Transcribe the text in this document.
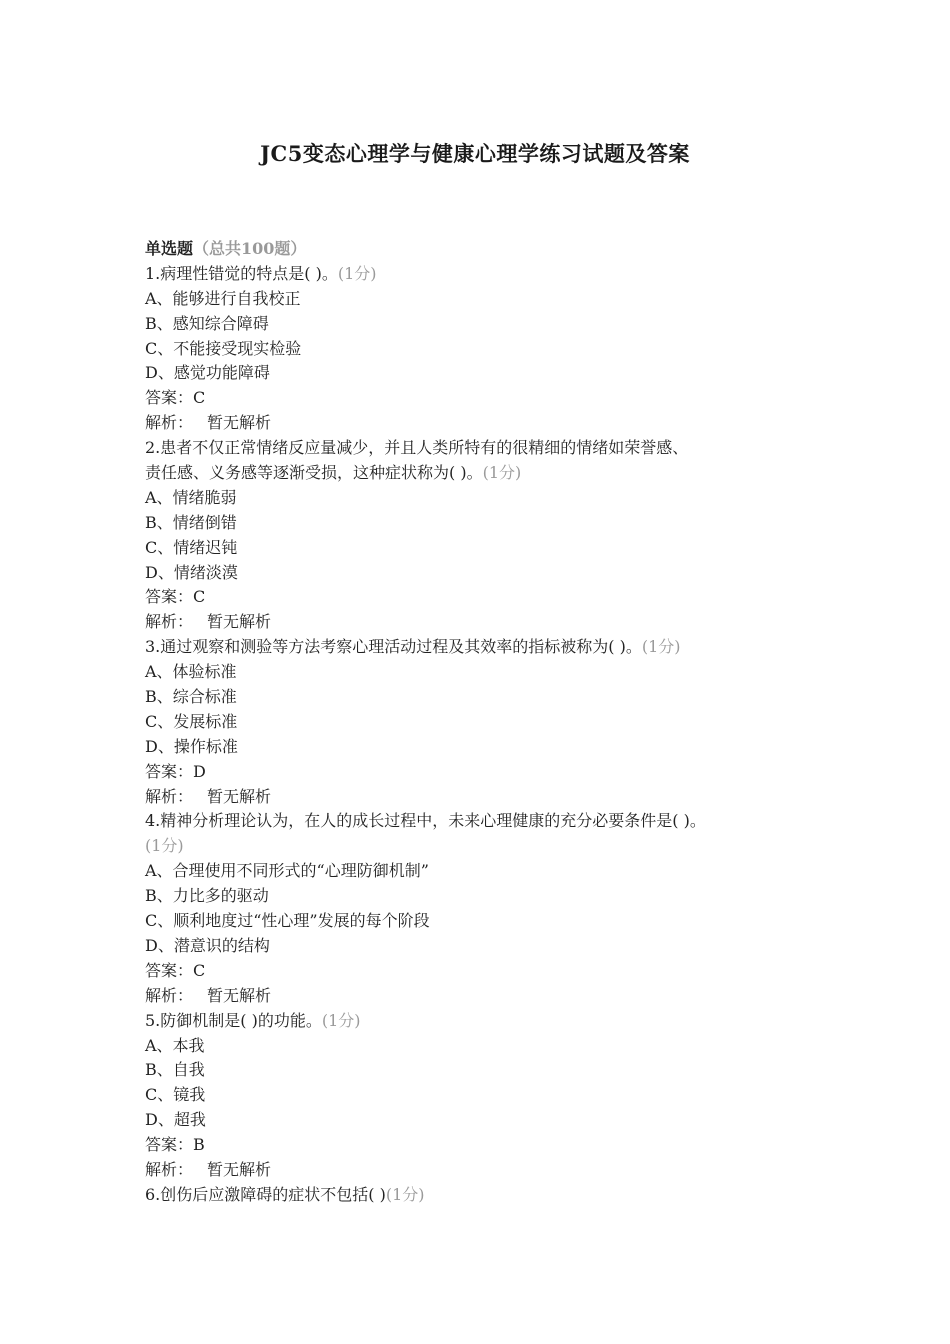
JC5变态心理学与健康心理学练习试题及答案
单选题（总共100题）
1.病理性错觉的特点是( )。(1分)
A、能够进行自我校正
B、感知综合障碍
C、不能接受现实检验
D、感觉功能障碍
答案：C
解析： 暂无解析
2.患者不仅正常情绪反应量减少，并且人类所特有的很精细的情绪如荣誉感、
责任感、义务感等逐渐受损，这种症状称为( )。(1分)
A、情绪脆弱
B、情绪倒错
C、情绪迟钝
D、情绪淡漠
答案：C
解析： 暂无解析
3.通过观察和测验等方法考察心理活动过程及其效率的指标被称为( )。(1分)
A、体验标准
B、综合标准
C、发展标准
D、操作标准
答案：D
解析： 暂无解析
4.精神分析理论认为，在人的成长过程中，未来心理健康的充分必要条件是( )。
(1分)
A、合理使用不同形式的“心理防御机制”
B、力比多的驱动
C、顺利地度过“性心理”发展的每个阶段
D、潜意识的结构
答案：C
解析： 暂无解析
5.防御机制是( )的功能。(1分)
A、本我
B、自我
C、镜我
D、超我
答案：B
解析： 暂无解析
6.创伤后应激障碍的症状不包括( )(1分)
